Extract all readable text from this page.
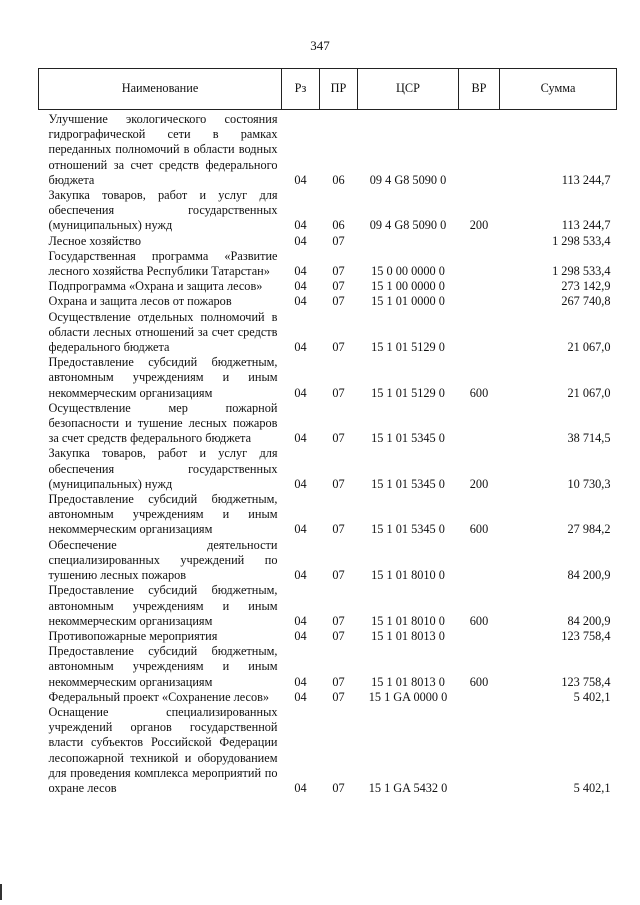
347
Наименование	Рз	ПР	ЦСР	ВР	Сумма
Улучшение экологического состояния гидрографической сети в рамках переданных полномочий в области водных отношений за счет средств федерального бюджета	04	06	09 4 G8 5090 0		113 244,7
Закупка товаров, работ и услуг для обеспечения государственных (муниципальных) нужд	04	06	09 4 G8 5090 0	200	113 244,7
Лесное хозяйство	04	07			1 298 533,4
Государственная программа «Развитие лесного хозяйства Республики Татарстан»	04	07	15 0 00 0000 0		1 298 533,4
Подпрограмма «Охрана и защита лесов»	04	07	15 1 00 0000 0		273 142,9
Охрана и защита лесов от пожаров	04	07	15 1 01 0000 0		267 740,8
Осуществление отдельных полномочий в области лесных отношений за счет средств федерального бюджета	04	07	15 1 01 5129 0		21 067,0
Предоставление субсидий бюджетным, автономным учреждениям и иным некоммерческим организациям	04	07	15 1 01 5129 0	600	21 067,0
Осуществление мер пожарной безопасности и тушение лесных пожаров за счет средств федерального бюджета	04	07	15 1 01 5345 0		38 714,5
Закупка товаров, работ и услуг для обеспечения государственных (муниципальных) нужд	04	07	15 1 01 5345 0	200	10 730,3
Предоставление субсидий бюджетным, автономным учреждениям и иным некоммерческим организациям	04	07	15 1 01 5345 0	600	27 984,2
Обеспечение деятельности специализированных учреждений по тушению лесных пожаров	04	07	15 1 01 8010 0		84 200,9
Предоставление субсидий бюджетным, автономным учреждениям и иным некоммерческим организациям	04	07	15 1 01 8010 0	600	84 200,9
Противопожарные мероприятия	04	07	15 1 01 8013 0		123 758,4
Предоставление субсидий бюджетным, автономным учреждениям и иным некоммерческим организациям	04	07	15 1 01 8013 0	600	123 758,4
Федеральный проект «Сохранение лесов»	04	07	15 1 GA 0000 0		5 402,1
Оснащение специализированных учреждений органов государственной власти субъектов Российской Федерации лесопожарной техникой и оборудованием для проведения комплекса мероприятий по охране лесов	04	07	15 1 GA 5432 0		5 402,1
